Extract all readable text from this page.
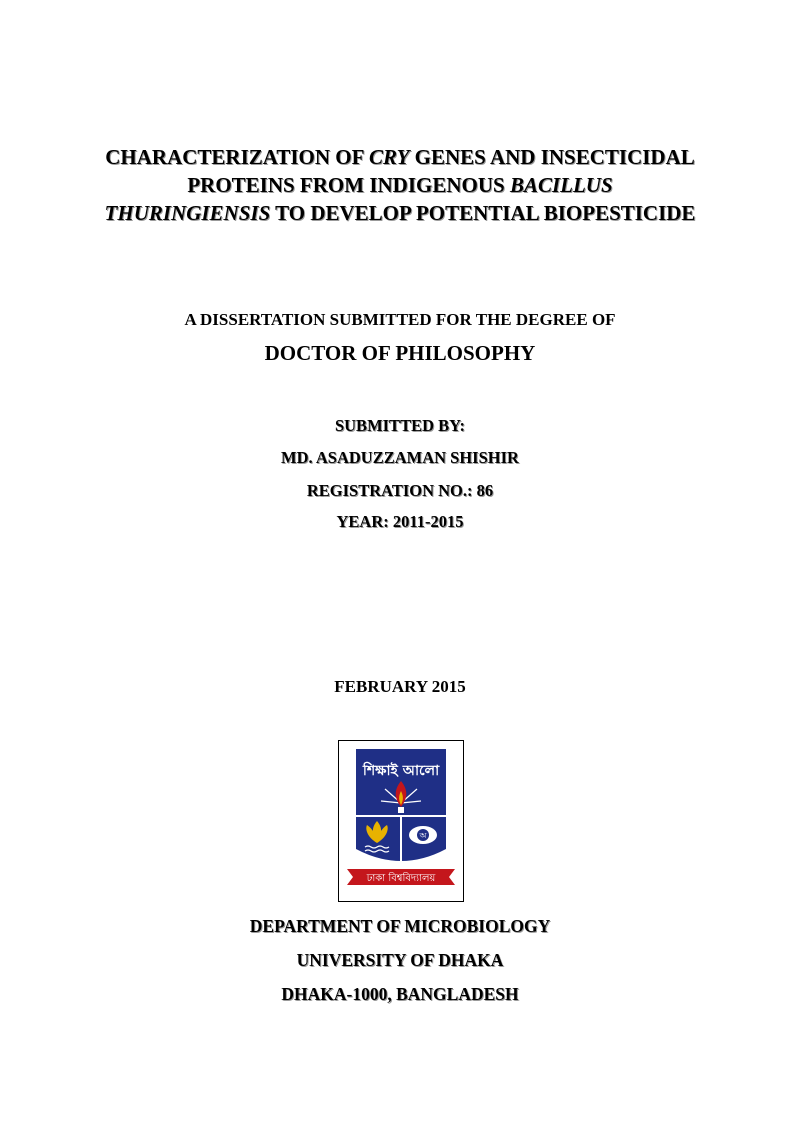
CHARACTERIZATION OF CRY GENES AND INSECTICIDAL
PROTEINS FROM INDIGENOUS BACILLUS
THURINGIENSIS TO DEVELOP POTENTIAL BIOPESTICIDE
A DISSERTATION SUBMITTED FOR THE DEGREE OF
DOCTOR OF PHILOSOPHY
SUBMITTED BY:
MD. ASADUZZAMAN SHISHIR
REGISTRATION NO.: 86
YEAR: 2011-2015
FEBRUARY 2015
শিক্ষাই আলো
অ
ঢাকা বিশ্ববিদ্যালয়
DEPARTMENT OF MICROBIOLOGY
UNIVERSITY OF DHAKA
DHAKA-1000, BANGLADESH
